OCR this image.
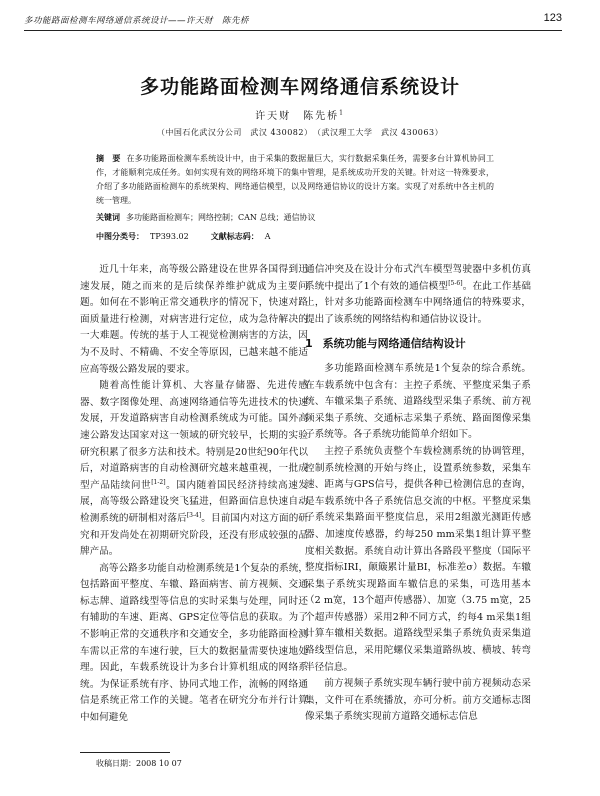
多功能路面检测车网络通信系统设计——许天财　陈先桥	123
多功能路面检测车网络通信系统设计
许天财　陈先桥$^1$
（中国石化武汉分公司　武汉 430082）　（武汉理工大学　武汉 430063）
摘　要 在多功能路面检测车系统设计中，由于采集的数据量巨大，实行数据采集任务，需要多台计算机协同工作，才能顺利完成任务。如何实现有效的网络环境下的集中管理，是系统成功开发的关键。针对这一特殊要求，介绍了多功能路面检测车的系统架构、网络通信模型，以及网络通信协议的设计方案。实现了对系统中各主机的统一管理。
关键词 多功能路面检测车；网络控制；CAN 总线；通信协议
中图分类号： TP393.02	文献标志码： A

近几十年来，高等级公路建设在世界各国得到迅速发展，随之而来的是后续保养维护就成为主要问题。如何在不影响正常交通秩序的情况下，快速对路面质量进行检测，对病害进行定位，成为急待解决的一大难题。传统的基于人工视觉检测病害的方法，因为不及时、不精确、不安全等原因，已越来越不能适应高等级公路发展的要求。

随着高性能计算机、大容量存储器、先进传感器、数字图像处理、高速网络通信等先进技术的快速发展，开发道路病害自动检测系统成为可能。国外高速公路发达国家对这一领域的研究较早，长期的实验研究积累了很多方法和技术。特别是20世纪90年代以后，对道路病害的自动检测研究越来越重视，一批成型产品陆续问世[1-2]。国内随着国民经济持续高速发展，高等级公路建设突飞猛进，但路面信息快速自动检测系统的研制相对落后[3-4]。目前国内对这方面的研究和开发尚处在初期研究阶段，还没有形成较强的品牌产品。

高等公路多功能自动检测系统是1个复杂的系统，包括路面平整度、车辙、路面病害、前方视频、交通标志牌、道路线型等信息的实时采集与处理，同时还有辅助的车速、距离、GPS定位等信息的获取。为了不影响正常的交通秩序和交通安全，多功能路面检测车需以正常的车速行驶，巨大的数据量需要快速地处理。因此，车载系统设计为多台计算机组成的网络系统。为保证系统有序、协同式地工作，流畅的网络通信是系统正常工作的关键。笔者在研究分布并行计算中如何避免

通信冲突及在设计分布式汽车模型驾驶器中多机仿真系统中提出了1个有效的通信模型[5-6]。在此工作基础上，针对多功能路面检测车中网络通信的特殊要求，提出了该系统的网络结构和通信协议设计。

1 系统功能与网络通信结构设计

多功能路面检测车系统是1个复杂的综合系统。在车载系统中包含有：主控子系统、平整度采集子系统、车辙采集子系统、道路线型采集子系统、前方视频采集子系统、交通标志采集子系统、路面图像采集子系统等。各子系统功能简单介绍如下。

主控子系统负责整个车载检测系统的协调管理，控制系统检测的开始与终止，设置系统参数，采集车速、距离与GPS信号，提供各种已检测信息的查询，是车载系统中各子系统信息交流的中枢。平整度采集子系统采集路面平整度信息，采用2组激光测距传感器、加速度传感器，约每250 mm采集1组计算平整度相关数据。系统自动计算出各路段平整度（国际平整度指标IRI，颠簸累计量BI，标准差σ）数据。车辙采集子系统实现路面车辙信息的采集，可选用基本（2 m宽，13个超声传感器）、加宽（3.75 m宽，25个超声传感器）采用2种不同方式，约每4 m采集1组计算车辙相关数据。道路线型采集子系统负责采集道路线型信息，采用陀螺仪采集道路纵坡、横坡、转弯半径信息。

前方视频子系统实现车辆行驶中前方视频动态采集，文件可在系统播放，亦可分析。前方交通标志图像采集子系统实现前方道路交通标志信息

收稿日期：2008 10 07
